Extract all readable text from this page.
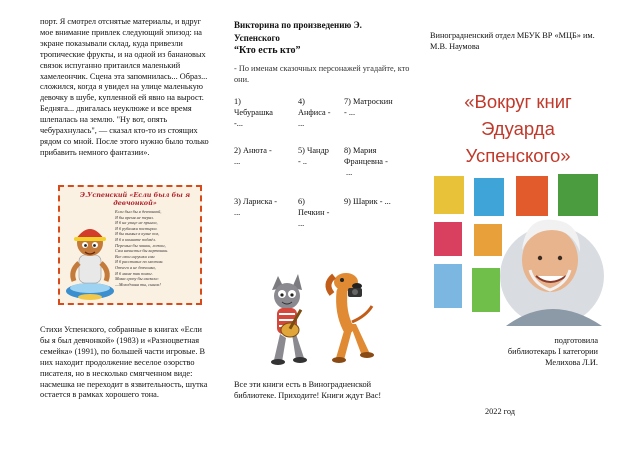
порт. Я смотрел отснятые материалы, и вдруг мое внимание привлек следующий эпизод: на экране показывали склад, куда привезли тропические фрукты, и на одной из банановых связок испуганно притаился маленький хамелеончик. Сцена эта запомнилась... Образ... сложился, когда я увидел на улице маленькую девочку в шубе, купленной ей явно на вырост. Бедняга... двигалась неуклюже и все время шлепалась на землю. "Ну вот, опять чебурахнулась", — сказал кто-то из стоящих рядом со мной. После этого нужно было только прибавить немного фантазии».

Э.Успенский «Если был бы я девчонкой»
Если был бы я девчонкой,
Я бы время не терял.
Я б на улице не прыгал,
Я б рубашки постирал.
Я бы вымыл в кухне пол,
Я б в комнате подмёл.
Перемыл бы чашки, ложки,
Сам начистил бы картошки.
Все свои игрушки сам
Я б расставил по местам.
Отчего я не девчонка,
Я б маме так помог.
Мама сразу бы сказала:
—Молодчина ты, сынок!

Стихи Успенского, собранные в книгах «Если бы я был девчонкой» (1983) и «Разноцветная семейка» (1991), по большей части игровые. В них находит продолжение веселое озорство писателя, но в несколько смягченном виде: насмешка не переходит в язвительность, шутка остается в рамках хорошего тона.

Викторина по произведению Э.
Успенского
“Кто есть кто”
- По именам сказочных персонажей угадайте, кто они.
1)
Чебурашка
-...
4)
Анфиса -
...
7) Матроскин
- ...
2) Анюта -
...
5) Чандр
- ..
8) Мария
Францевна -
...
3) Лариска -
...
6)
Печкин -
...
9) Шарик - ...
Все эти книги есть в Виноградненской библиотеке. Приходите! Книги ждут Вас!
Виноградненский отдел МБУК ВР «МЦБ» им. М.В. Наумова
«Вокруг книг
Эдуарда
Успенского»
подготовила
библиотекарь I категории
Мелихова Л.И.
2022 год
